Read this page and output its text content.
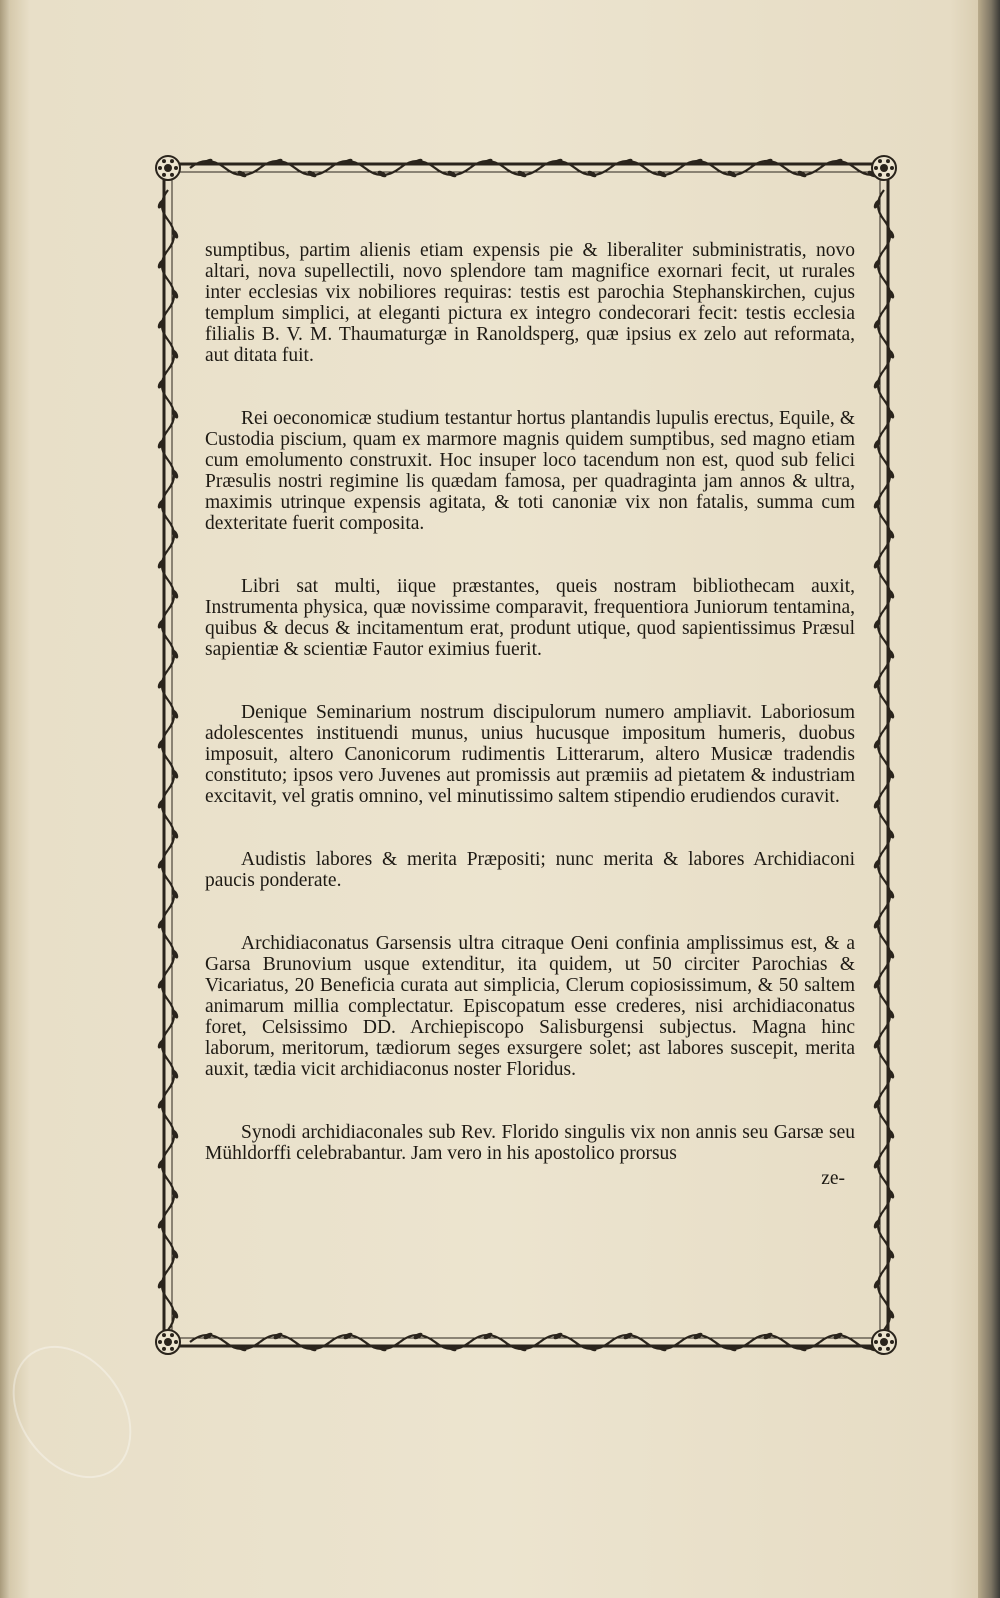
sumptibus, partim alienis etiam expensis pie & liberaliter subministratis, novo altari, nova supellectili, novo splendore tam magnifice exornari fecit, ut rurales inter ecclesias vix nobiliores requiras: testis est parochia Stephanskirchen, cujus templum simplici, at eleganti pictura ex integro condecorari fecit: testis ecclesia filialis B. V. M. Thaumaturgæ in Ranoldsperg, quæ ipsius ex zelo aut reformata, aut ditata fuit.

Rei oeconomicæ studium testantur hortus plantandis lupulis erectus, Equile, & Custodia piscium, quam ex marmore magnis quidem sumptibus, sed magno etiam cum emolumento construxit. Hoc insuper loco tacendum non est, quod sub felici Præsulis nostri regimine lis quædam famosa, per quadraginta jam annos & ultra, maximis utrinque expensis agitata, & toti canoniæ vix non fatalis, summa cum dexteritate fuerit composita.

Libri sat multi, iique præstantes, queis nostram bibliothecam auxit, Instrumenta physica, quæ novissime comparavit, frequentiora Juniorum tentamina, quibus & decus & incitamentum erat, produnt utique, quod sapientissimus Præsul sapientiæ & scientiæ Fautor eximius fuerit.

Denique Seminarium nostrum discipulorum numero ampliavit. Laboriosum adolescentes instituendi munus, unius hucusque impositum humeris, duobus imposuit, altero Canonicorum rudimentis Litterarum, altero Musicæ tradendis constituto; ipsos vero Juvenes aut promissis aut præmiis ad pietatem & industriam excitavit, vel gratis omnino, vel minutissimo saltem stipendio erudiendos curavit.

Audistis labores & merita Præpositi; nunc merita & labores Archidiaconi paucis ponderate.

Archidiaconatus Garsensis ultra citraque Oeni confinia amplissimus est, & a Garsa Brunovium usque extenditur, ita quidem, ut 50 circiter Parochias & Vicariatus, 20 Beneficia curata aut simplicia, Clerum copiosissimum, & 50 saltem animarum millia complectatur. Episcopatum esse crederes, nisi archidiaconatus foret, Celsissimo DD. Archiepiscopo Salisburgensi subjectus. Magna hinc laborum, meritorum, tædiorum seges exsurgere solet; ast labores suscepit, merita auxit, tædia vicit archidiaconus noster Floridus.

Synodi archidiaconales sub Rev. Florido singulis vix non annis seu Garsæ seu Mühldorffi celebrabantur. Jam vero in his apostolico prorsus

ze-
